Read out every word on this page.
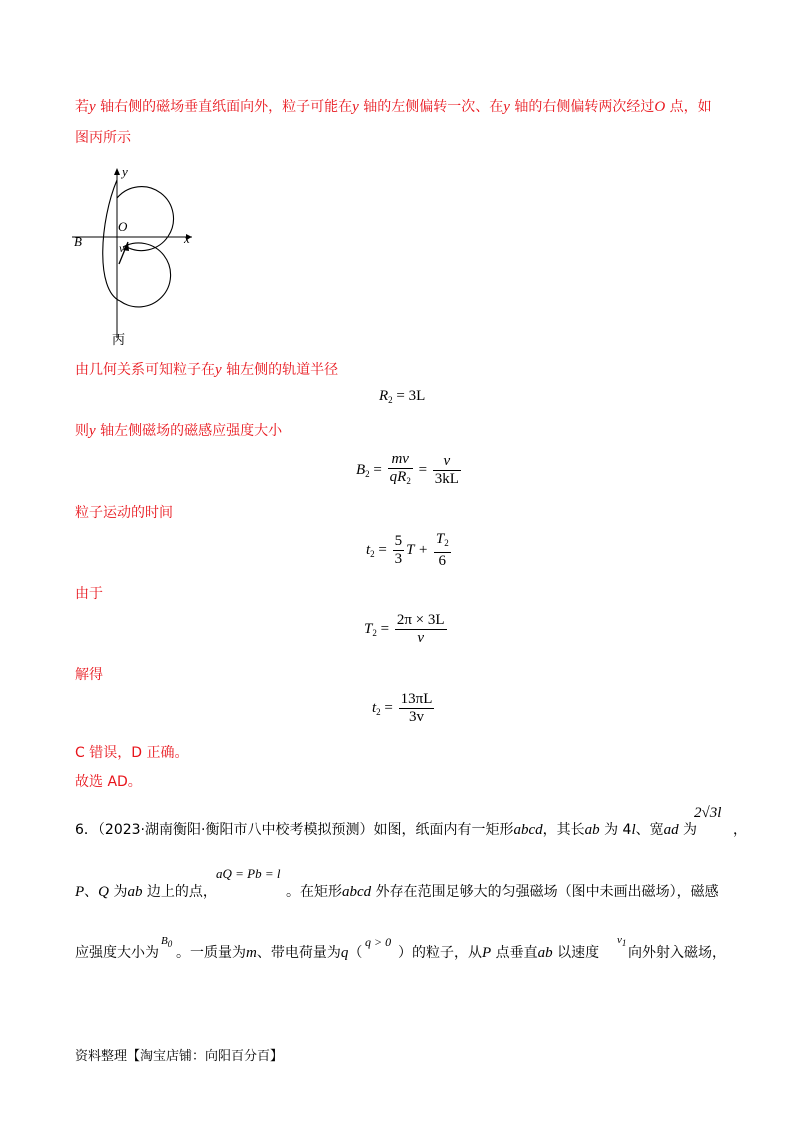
若y 轴右侧的磁场垂直纸面向外，粒子可能在y 轴的左侧偏转一次、在y 轴的右侧偏转两次经过O 点，如
图丙所示
y
O
x
B	v
丙
由几何关系可知粒子在y 轴左侧的轨道半径
$R_2 = 3L$
则y 轴左侧磁场的磁感应强度大小
$B_2 = \frac{mv}{qR_2} = \frac{v}{3kL}$
粒子运动的时间
$t_2 = \frac{5}{3}$ $T + \frac{T_2}{6}$
由于
$T_2 = \frac{2\pi \times 3L}{v}$
解得
$t_2 = \frac{13\pi L}{3v}$
C 错误，D 正确。
故选 AD。
6．（2023·湖南衡阳·衡阳市八中校考模拟预测）如图，纸面内有一矩形abcd，其长ab 为 4l、宽ad 为
2√3l
，
P、Q 为ab 边上的点，
aQ = Pb = l
。在矩形abcd 外存在范围足够大的匀强磁场（图中未画出磁场），磁感
应强度大小为
$B_0$
。一质量为m、带电荷量为q（
q > 0
）的粒子，从P 点垂直ab 以速度
$v_1$
向外射入磁场，
资料整理【淘宝店铺：向阳百分百】
